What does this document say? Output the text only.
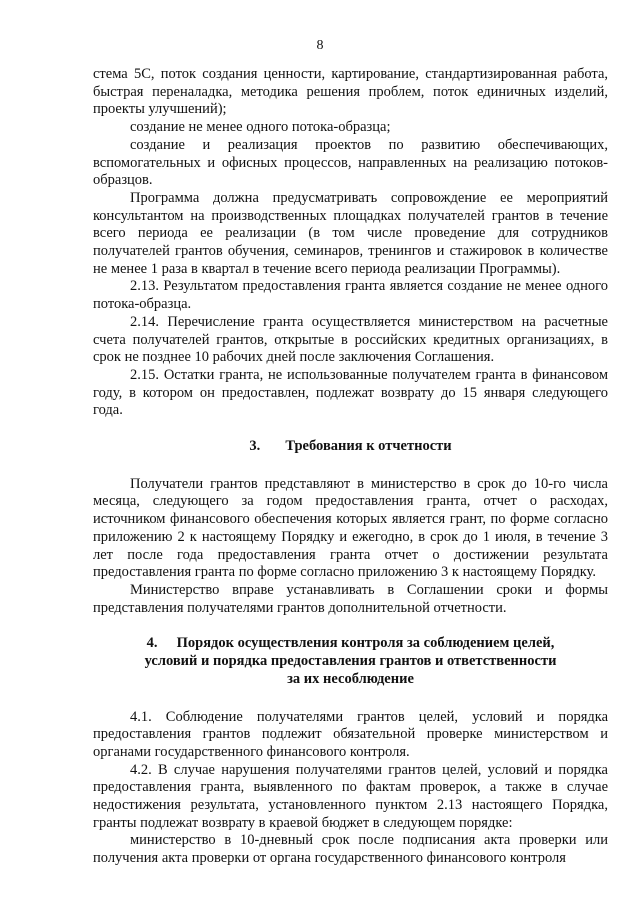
8

стема 5С, поток создания ценности, картирование, стандартизированная работа, быстрая переналадка, методика решения проблем, поток единичных изделий, проекты улучшений);

создание не менее одного потока-образца;

создание и реализация проектов по развитию обеспечивающих, вспомогательных и офисных процессов, направленных на реализацию потоков-образцов.

Программа должна предусматривать сопровождение ее мероприятий консультантом на производственных площадках получателей грантов в течение всего периода ее реализации (в том числе проведение для сотрудников получателей грантов обучения, семинаров, тренингов и стажировок в количестве не менее 1 раза в квартал в течение всего периода реализации Программы).

2.13. Результатом предоставления гранта является создание не менее одного потока-образца.

2.14. Перечисление гранта осуществляется министерством на расчетные счета получателей грантов, открытые в российских кредитных организациях, в срок не позднее 10 рабочих дней после заключения Соглашения.

2.15. Остатки гранта, не использованные получателем гранта в финансовом году, в котором он предоставлен, подлежат возврату до 15 января следующего года.

3. Требования к отчетности

Получатели грантов представляют в министерство в срок до 10-го числа месяца, следующего за годом предоставления гранта, отчет о расходах, источником финансового обеспечения которых является грант, по форме согласно приложению 2 к настоящему Порядку и ежегодно, в срок до 1 июля, в течение 3 лет после года предоставления гранта отчет о достижении результата предоставления гранта по форме согласно приложению 3 к настоящему Порядку.

Министерство вправе устанавливать в Соглашении сроки и формы представления получателями грантов дополнительной отчетности.

4. Порядок осуществления контроля за соблюдением целей,
условий и порядка предоставления грантов и ответственности
за их несоблюдение

4.1. Соблюдение получателями грантов целей, условий и порядка предоставления грантов подлежит обязательной проверке министерством и органами государственного финансового контроля.

4.2. В случае нарушения получателями грантов целей, условий и порядка предоставления гранта, выявленного по фактам проверок, а также в случае недостижения результата, установленного пунктом 2.13 настоящего Порядка, гранты подлежат возврату в краевой бюджет в следующем порядке:

министерство в 10-дневный срок после подписания акта проверки или получения акта проверки от органа государственного финансового контроля
